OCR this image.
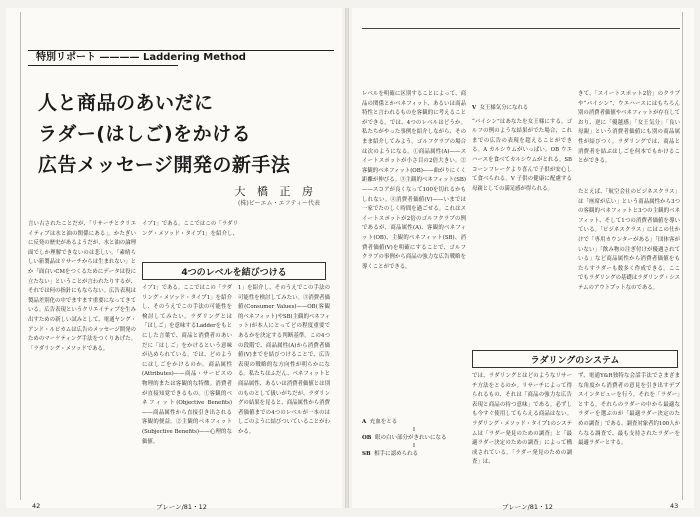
特別リポート ———— Laddering Method
人と商品のあいだに
ラダー(はしご)をかける
広告メッセージ開発の新手法
大 橋 正 房
(株)ビーエム・エフティー代表

言い古されたことだが、「リサーチとクリエイティブは水と油の関係にある」。かたぎいに反発の歴史があるようだが、水と油の論理面でしか理解できないのは悲しい。「素晴らしい新製品はリサーチからは生まれない」とか「面白いCMをつくるためにデータは役に立たない」ということが言われたりするが、それでは何の指針にもならない。広告表現は製品差別化の中でますます重要になってきている。広告表現というクリエイティブを生み出すための新しい試みとして、電通ヤング・アンド・ルビカムは広告のメッセージ開発のためのマーケティング手法をつくりあげた。「ラダリング・メソッドである。

イブ1」である。ここではこの「ラダリング・メソッド・タイプ1」を紹介し、

4つのレベルを結びつける

イブ1」である。ここではこの「ラダリング・メソッド・タイプ1」を紹介し、そのうえでこの手法の可能性を検討してみたい。ラダリングとは「はしご」を意味するLadderをもとにした言葉で、商品と消費者のあいだに「はしご」をかけるという意味が込められている。では、どのようにはしごをかけるのか。商品属性(Attributes)——商品・サービスの物理的または客観的な特徴。消費者が直接知覚できるもの。①客観的ベネフィット(Objective Benefits)——商品属性から直接引き出される客観的便益。②主観的ベネフィット(Subjective Benefits)——心理的な価値。

1」を紹介し、そのうえでこの手法の可能性を検討してみたい。③消費者価値(Consumer Values)——OB(客観的ベネフィット)やSB(主観的ベネフィット)が本人にとってどの程度重要であるかを決定する判断基準。この4つの段階で、商品属性(A)から消費者価値(V)までを結びつけることで、広告表現の戦略的な方向性が明らかになる。私たちはふだん、ベネフィットと商品属性、あるいは消費者価値とは別のものとして扱いがちだが、ラダリングの結果を見ると、商品属性から消費者価値までの4つのレベルが一本のはしごのように結びついていることがわかる。

42	ブレーン/81・12

レベルを明確に区別することによって、商品の関係とかベネフィット、あるいは商品特性と言われるものを客観的に考えることができる。では、4つのレベルはどうか。私たちがやった事例を紹介しながら、そのまま紹介してみよう。ゴルフクラブの場合は次のようになる。①商品属性(A)——スイートスポットが小さ目の2倍大きい。②客観的ベネフィット(OB)——曲がりにくく距離が伸びる。③主観的ベネフィット(SB)——スコアが良くなって100を切れるかもしれない。④消費者価値(V)——いまでは一家でたのしく時間を過ごせる。これはスイートスポットが2倍のゴルフクラブの例であるが、商品属性(A)、客観的ベネフィット(OB)、主観的ベネフィット(SB)、消費者価値(V)を明確にすることで、ゴルフクラブの事例から商品の強力な広告戦略を導くことができる。

A 充血をとる
⇩
OB 眼の白い部分がきれいになる
⇩
SB 相手に認められる

V 女王様気分になれる

“パイシン”はあなたを女王様にする。ゴルフの例のような結果がでた場合、これまでの広告の表現を超えることができる。A カルシウムがいっぱい。OB ウエハースを食べてカルシウムがとれる。SB コーンフレークより喜んで子供が安心して食べられる。V 子供の健康に配慮する母親としての満足感が得られる。

きて、「スイートスポット2倍」のクラブや“バイシン”、ウエハースにはもちろん別の消費者価値やベネフィットが存在しており、逆に「優越感」「女王気分」「良い母親」という消費者価値にも別の商品属性が結びつく。ラダリングでは、商品と消費者を結ぶはしごを何本でもかけることができる。

たとえば、「航空会社のビジネスクラス」は「座席が広い」という商品属性から3つの客観的ベネフィットと3つの主観的ベネフィット、そして1つの消費者価値を導いている。「ビジネスクラス」にはこの仕かけで「専用カウンターがある」「団体客がいない」「飲み物の注ぎ付けが優遇されている」など商品属性から消費者価値をもたらすラダーも数多く作成できる。ここでもラダリングの基礎はラダリング・システムのアウトプットなのである。

ラダリングのシステム

では、ラダリングとはどのようなリサーチ方法をとるのか。リサーチによって得られるもの、それは「商品の強力な広告表現と商品の持つ意味」である。必ずしも今すぐ使用してもらえる商品はない。ラダリング・メソッド・タイプ1のシステムは「ラダー発見のための調査」と「最適ラダー決定のための調査」によって構成されている。「ラダー発見のための調査」は、

ず、電通Y&R独特な会話手法でさまざまな角度から消費者の意見を引き出すデプスインタビューを行う。それを「ラダー」とする。それらのラダーの中から最適なラダーを選ぶのが「最適ラダー決定のための調査」である。調査対象者約100人からなる調査で、最も支持されたラダーを最適ラダーとする。

ブレーン/81・12	43
